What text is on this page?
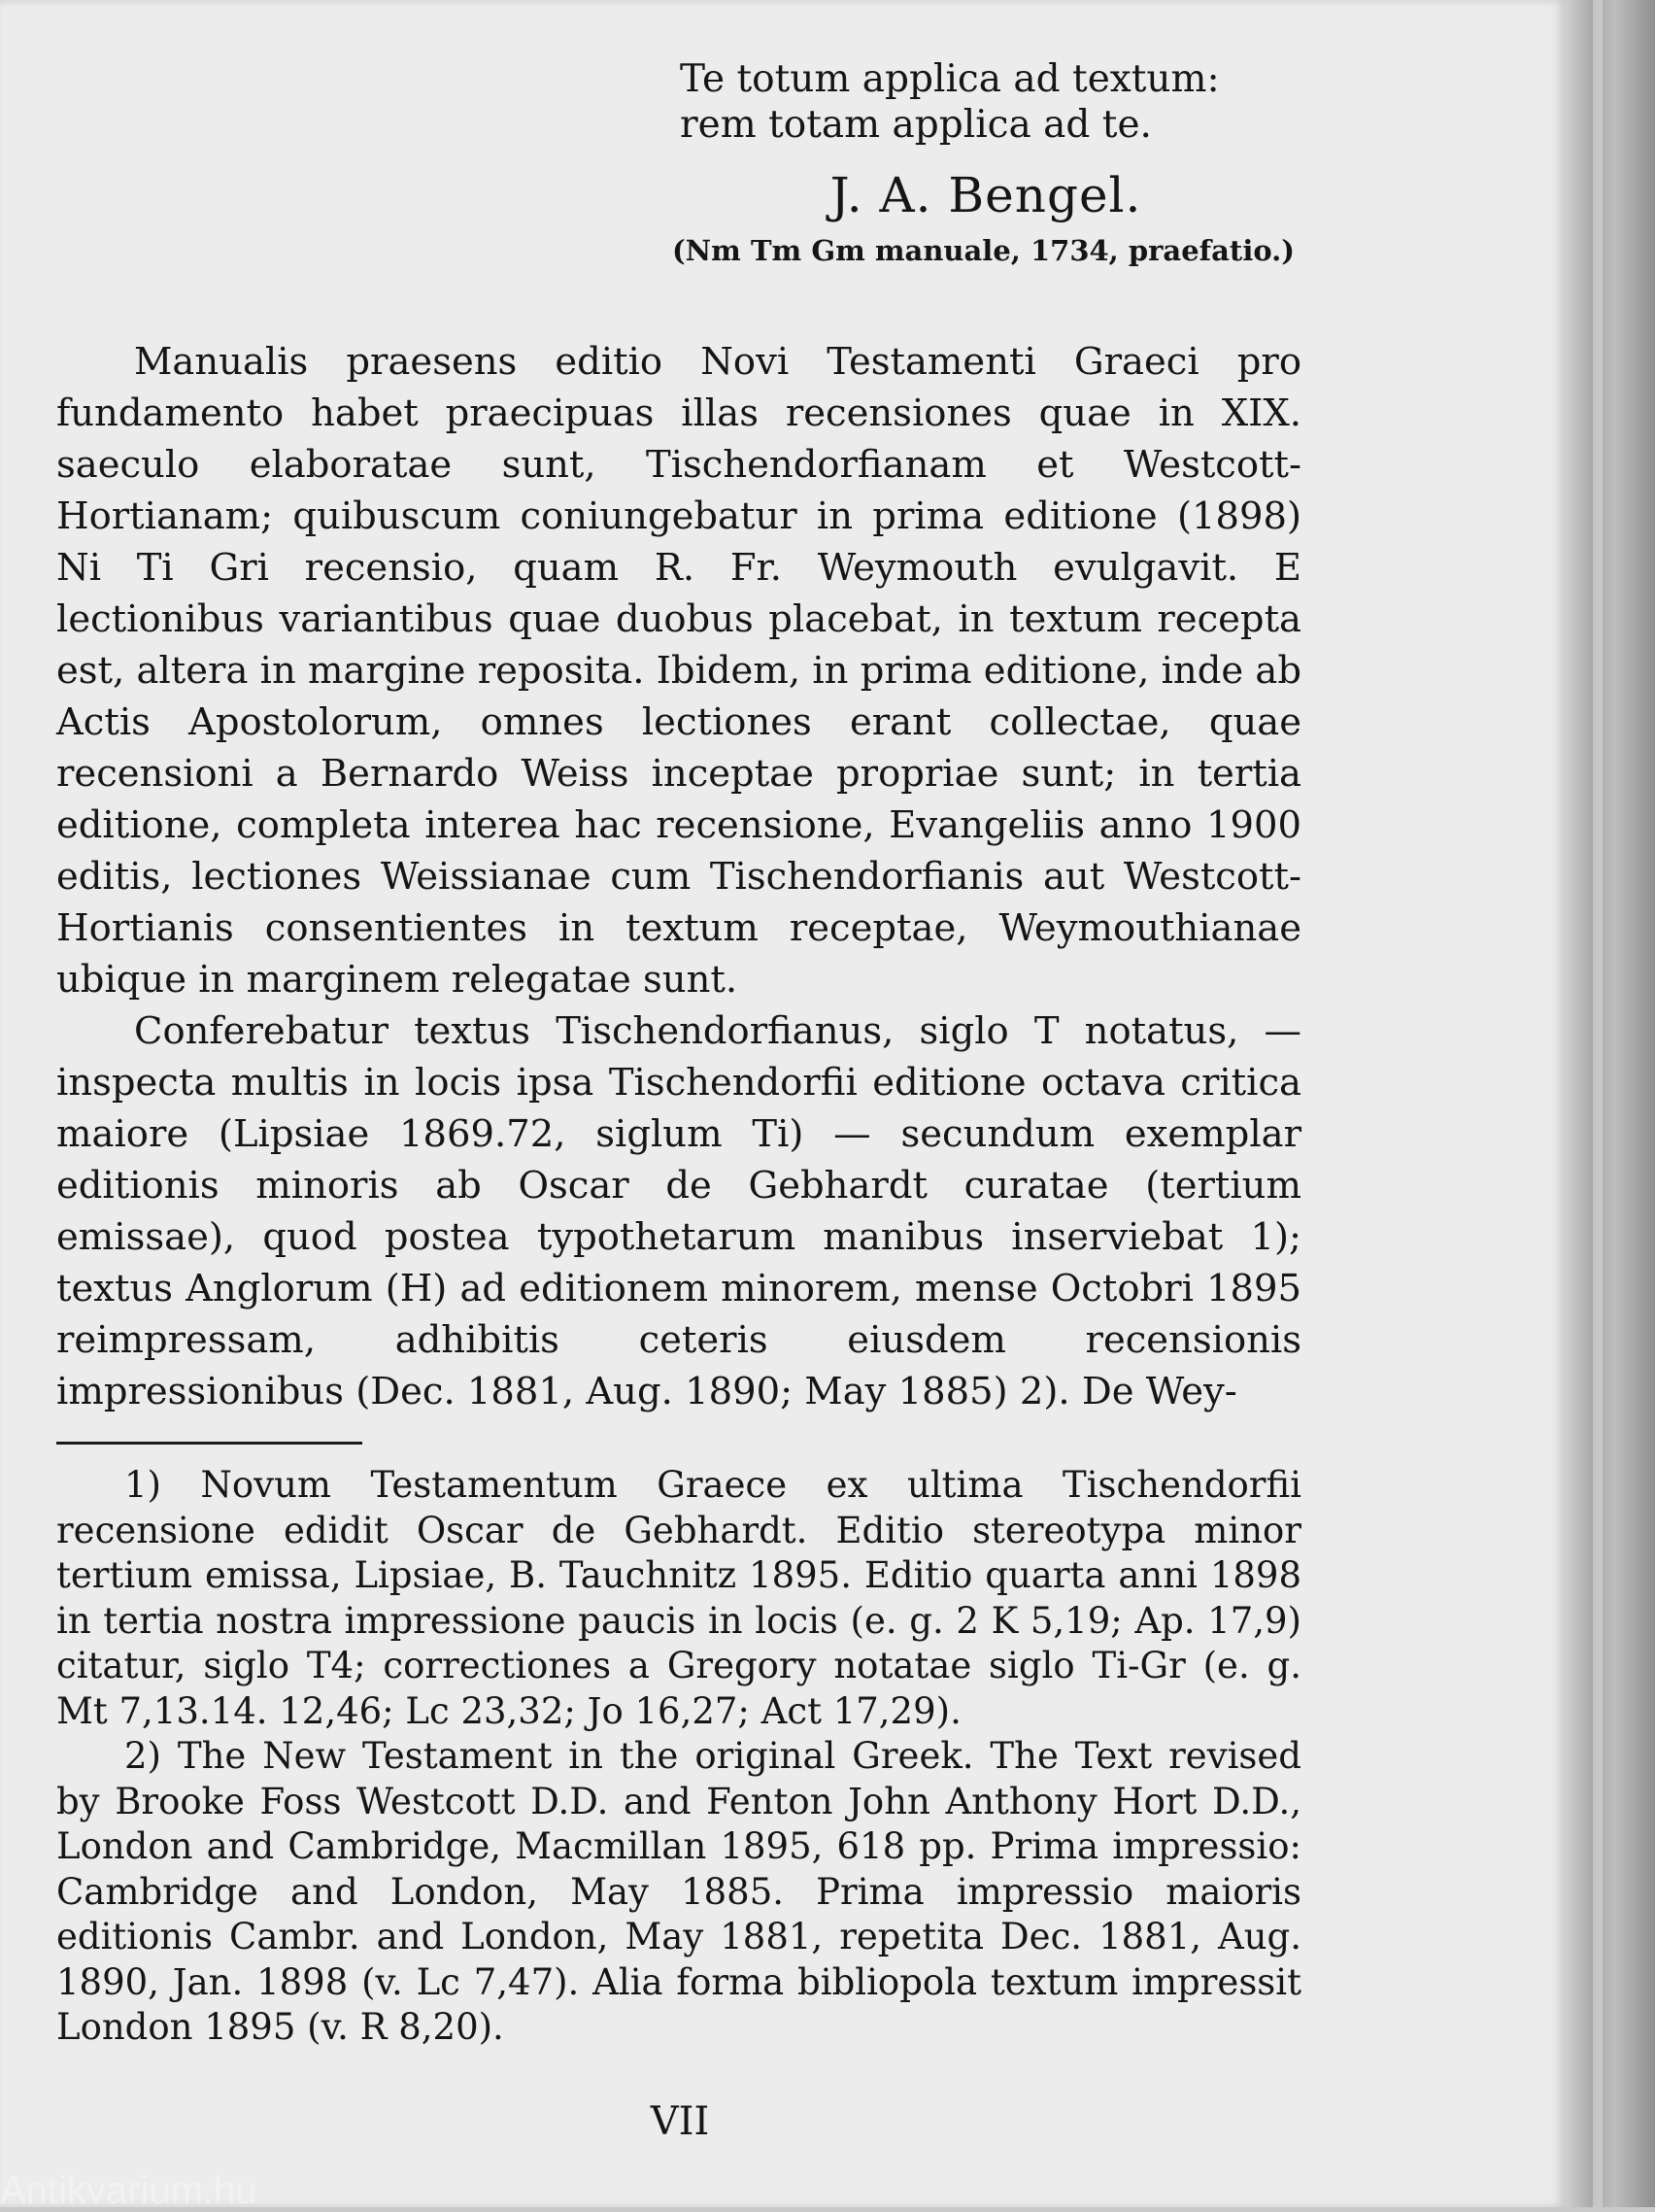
Te totum applica ad textum:
rem totam applica ad te.
J. A. Bengel.
(Nm Tm Gm manuale, 1734, praefatio.)

Manualis praesens editio Novi Testamenti Graeci pro fundamento habet praecipuas illas recensiones quae in XIX. saeculo elaboratae sunt, Tischendorfianam et Westcott-Hortianam; quibuscum coniungebatur in prima editione (1898) Ni Ti Gri recensio, quam R. Fr. Weymouth evulgavit. E lectionibus variantibus quae duobus placebat, in textum recepta est, altera in margine reposita. Ibidem, in prima editione, inde ab Actis Apostolorum, omnes lectiones erant collectae, quae recensioni a Bernardo Weiss inceptae propriae sunt; in tertia editione, completa interea hac recensione, Evangeliis anno 1900 editis, lectiones Weissianae cum Tischendorfianis aut Westcott-Hortianis consentientes in textum receptae, Weymouthianae ubique in marginem relegatae sunt.

Conferebatur textus Tischendorfianus, siglo T notatus, — inspecta multis in locis ipsa Tischendorfii editione octava critica maiore (Lipsiae 1869.72, siglum Ti) — secundum exemplar editionis minoris ab Oscar de Gebhardt curatae (tertium emissae), quod postea typothetarum manibus inserviebat 1); textus Anglorum (H) ad editionem minorem, mense Octobri 1895 reimpressam, adhibitis ceteris eiusdem recensionis impressionibus (Dec. 1881, Aug. 1890; May 1885) 2). De Wey-

1) Novum Testamentum Graece ex ultima Tischendorfii recensione edidit Oscar de Gebhardt. Editio stereotypa minor tertium emissa, Lipsiae, B. Tauchnitz 1895. Editio quarta anni 1898 in tertia nostra impressione paucis in locis (e. g. 2 K 5,19; Ap. 17,9) citatur, siglo T4; correctiones a Gregory notatae siglo Ti-Gr (e. g. Mt 7,13.14. 12,46; Lc 23,32; Jo 16,27; Act 17,29).

2) The New Testament in the original Greek. The Text revised by Brooke Foss Westcott D.D. and Fenton John Anthony Hort D.D., London and Cambridge, Macmillan 1895, 618 pp. Prima impressio: Cambridge and London, May 1885. Prima impressio maioris editionis Cambr. and London, May 1881, repetita Dec. 1881, Aug. 1890, Jan. 1898 (v. Lc 7,47). Alia forma bibliopola textum impressit London 1895 (v. R 8,20).

VII
Antikvarium.hu
